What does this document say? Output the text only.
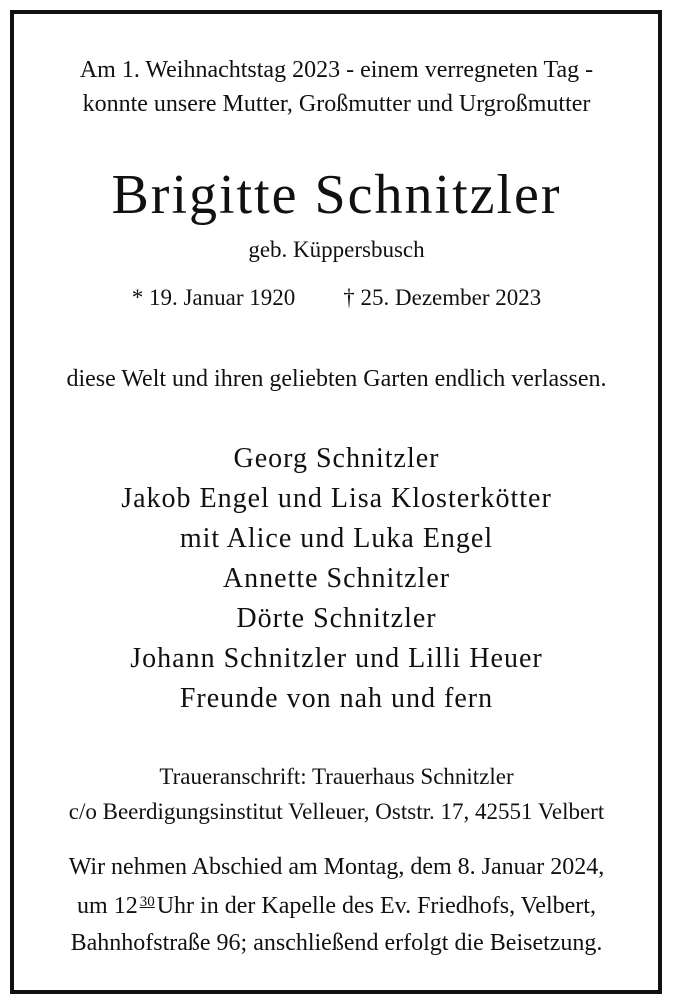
Am 1. Weihnachtstag 2023 - einem verregneten Tag -
konnte unsere Mutter, Großmutter und Urgroßmutter
Brigitte Schnitzler
geb. Küppersbusch
* 19. Januar 1920 † 25. Dezember 2023
diese Welt und ihren geliebten Garten endlich verlassen.
Georg Schnitzler
Jakob Engel und Lisa Klosterkötter
mit Alice und Luka Engel
Annette Schnitzler
Dörte Schnitzler
Johann Schnitzler und Lilli Heuer
Freunde von nah und fern
Traueranschrift: Trauerhaus Schnitzler
c/o Beerdigungsinstitut Velleuer, Oststr. 17, 42551 Velbert
Wir nehmen Abschied am Montag, dem 8. Januar 2024,
um 12 $^{30}$Uhr in der Kapelle des Ev. Friedhofs, Velbert,
Bahnhofstraße 96; anschließend erfolgt die Beisetzung.
